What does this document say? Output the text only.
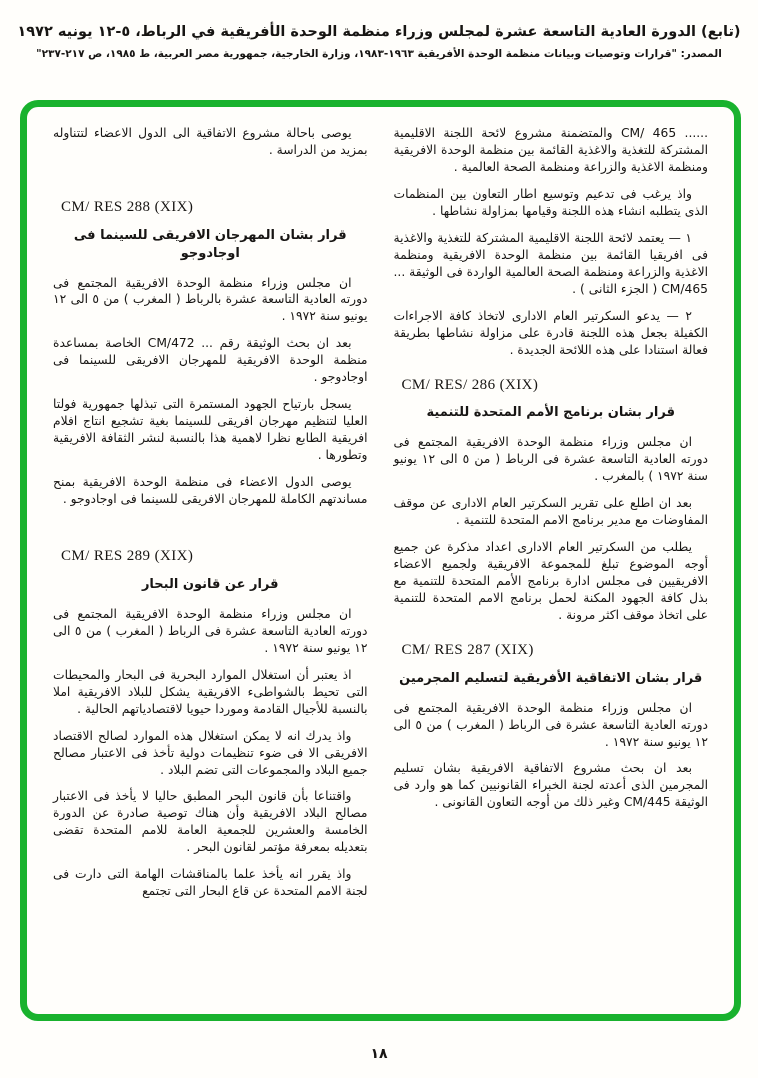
(تابع) الدورة العادية التاسعة عشرة لمجلس وزراء منظمة الوحدة الأفريقية في الرباط، ٥-١٢ يونيه ١٩٧٢
المصدر: "قرارات وتوصيات وبيانات منظمة الوحدة الأفريقية ١٩٦٣-١٩٨٣، وزارة الخارجية، جمهورية مصر العربية، ط ١٩٨٥، ص ٢١٧-٢٣٧"

...... CM/ 465 والمتضمنة مشروع لائحة اللجنة الاقليمية المشتركة للتغذية والاغذية القائمة بين منظمة الوحدة الافريقية ومنظمة الاغذية والزراعة ومنظمة الصحة العالمية .

واذ يرغب فى تدعيم وتوسيع اطار التعاون بين المنظمات الذى يتطلبه انشاء هذه اللجنة وقيامها بمزاولة نشاطها .

١ — يعتمد لائحة اللجنة الاقليمية المشتركة للتغذية والاغذية فى افريقيا القائمة بين منظمة الوحدة الافريقية ومنظمة الاغذية والزراعة ومنظمة الصحة العالمية الواردة فى الوثيقة ... CM/465 ( الجزء الثانى ) .

٢ — يدعو السكرتير العام الادارى لاتخاذ كافة الاجراءات الكفيلة بجعل هذه اللجنة قادرة على مزاولة نشاطها بطريقة فعالة استنادا على هذه اللائحة الجديدة .

CM/ RES/ 286 (XIX)
قرار بشان برنامج الأمم المتحدة للتنمية

ان مجلس وزراء منظمة الوحدة الافريقية المجتمع فى دورته العادية التاسعة عشرة فى الرباط ( من ٥ الى ١٢ يونيو سنة ١٩٧٢ ) بالمغرب .

بعد ان اطلع على تقرير السكرتير العام الادارى عن موقف المفاوضات مع مدير برنامج الامم المتحدة للتنمية .

يطلب من السكرتير العام الادارى اعداد مذكرة عن جميع أوجه الموضوع تبلغ للمجموعة الافريقية ولجميع الاعضاء الافريقيين فى مجلس ادارة برنامج الأمم المتحدة للتنمية مع بذل كافة الجهود المكنة لحمل برنامج الامم المتحدة للتنمية على اتخاذ موقف اكثر مرونة .

CM/ RES 287 (XIX)
قرار بشان الاتفاقية الأفريقية لتسليم المجرمين

ان مجلس وزراء منظمة الوحدة الافريقية المجتمع فى دورته العادية التاسعة عشرة فى الرباط ( المغرب ) من ٥ الى ١٢ يونيو سنة ١٩٧٢ .

بعد ان بحث مشروع الاتفاقية الافريقية بشان تسليم المجرمين الذى أعدته لجنة الخبراء القانونيين كما هو وارد فى الوثيقة CM/445 وغير ذلك من أوجه التعاون القانونى .

يوصى باحالة مشروع الاتفاقية الى الدول الاعضاء لتتناوله بمزيد من الدراسة .

CM/ RES 288 (XIX)
قرار بشان المهرجان الافريقى للسينما فى اوجادوجو

ان مجلس وزراء منظمة الوحدة الافريقية المجتمع فى دورته العادية التاسعة عشرة بالرباط ( المغرب ) من ٥ الى ١٢ يونيو سنة ١٩٧٢ .

بعد ان بحث الوثيقة رقم ... CM/472 الخاصة بمساعدة منظمة الوحدة الافريقية للمهرجان الافريقى للسينما فى اوجادوجو .

يسجل بارتياح الجهود المستمرة التى تبذلها جمهورية فولتا العليا لتنظيم مهرجان افريقى للسينما بغية تشجيع انتاج افلام افريقية الطابع نظرا لاهمية هذا بالنسبة لنشر الثقافة الافريقية وتطورها .

يوصى الدول الاعضاء فى منظمة الوحدة الافريقية بمنح مساندتهم الكاملة للمهرجان الافريقى للسينما فى اوجادوجو .

CM/ RES 289 (XIX)
قرار عن قانون البحار

ان مجلس وزراء منظمة الوحدة الافريقية المجتمع فى دورته العادية التاسعة عشرة فى الرباط ( المغرب ) من ٥ الى ١٢ يونيو سنة ١٩٧٢ .

اذ يعتبر أن استغلال الموارد البحرية فى البحار والمحيطات التى تحيط بالشواطىء الافريقية يشكل للبلاد الافريقية املا بالنسبة للأجيال القادمة وموردا حيويا لاقتصادياتهم الحالية .

واذ يدرك انه لا يمكن استغلال هذه الموارد لصالح الاقتصاد الافريقى الا فى ضوء تنظيمات دولية تأخذ فى الاعتبار مصالح جميع البلاد والمجموعات التى تضم البلاد .

واقتناعا بأن قانون البحر المطبق حاليا لا يأخذ فى الاعتبار مصالح البلاد الافريقية وأن هناك توصية صادرة عن الدورة الخامسة والعشرين للجمعية العامة للامم المتحدة تقضى بتعديله بمعرفة مؤتمر لقانون البحر .

واذ يقرر انه يأخذ علما بالمناقشات الهامة التى دارت فى لجنة الامم المتحدة عن قاع البحار التى تجتمع

١٨
